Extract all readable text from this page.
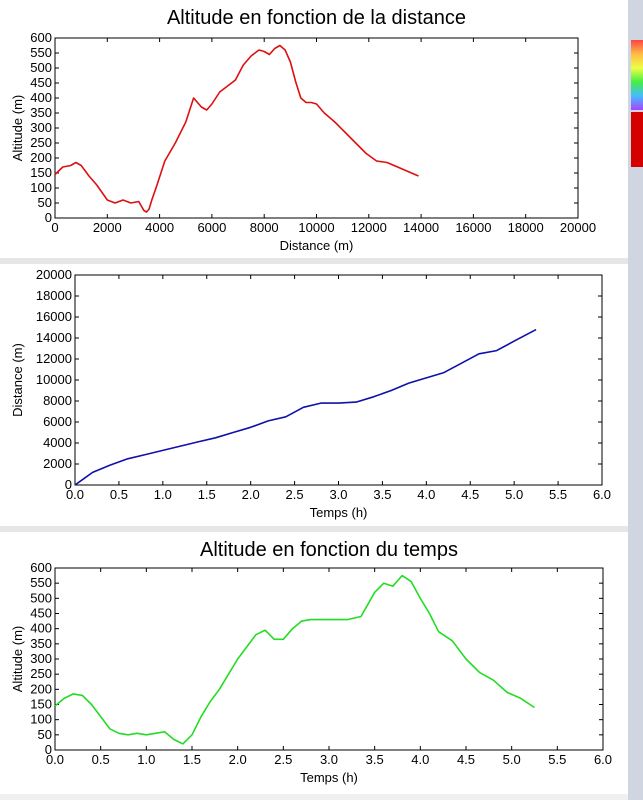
Altitude en fonction de la distance
0	2000 4000 6000 8000 10000 12000 14000 16000 18000 20000
0
50
100
150
200
250
300
350
400
450
500
550
600
Distance (m)
Altitude (m)
0.0 0.5 1.0 1.5 2.0 2.5 3.0 3.5 4.0 4.5 5.0 5.5 6.0
0
2000
4000
6000
8000
10000
12000
14000
16000
18000
20000
Temps (h)
Distance (m)
Altitude en fonction du temps
0.0 0.5 1.0 1.5 2.0 2.5 3.0 3.5 4.0 4.5 5.0 5.5 6.0
0
50
100
150
200
250
300
350
400
450
500
550
600
Temps (h)
Altitude (m)
